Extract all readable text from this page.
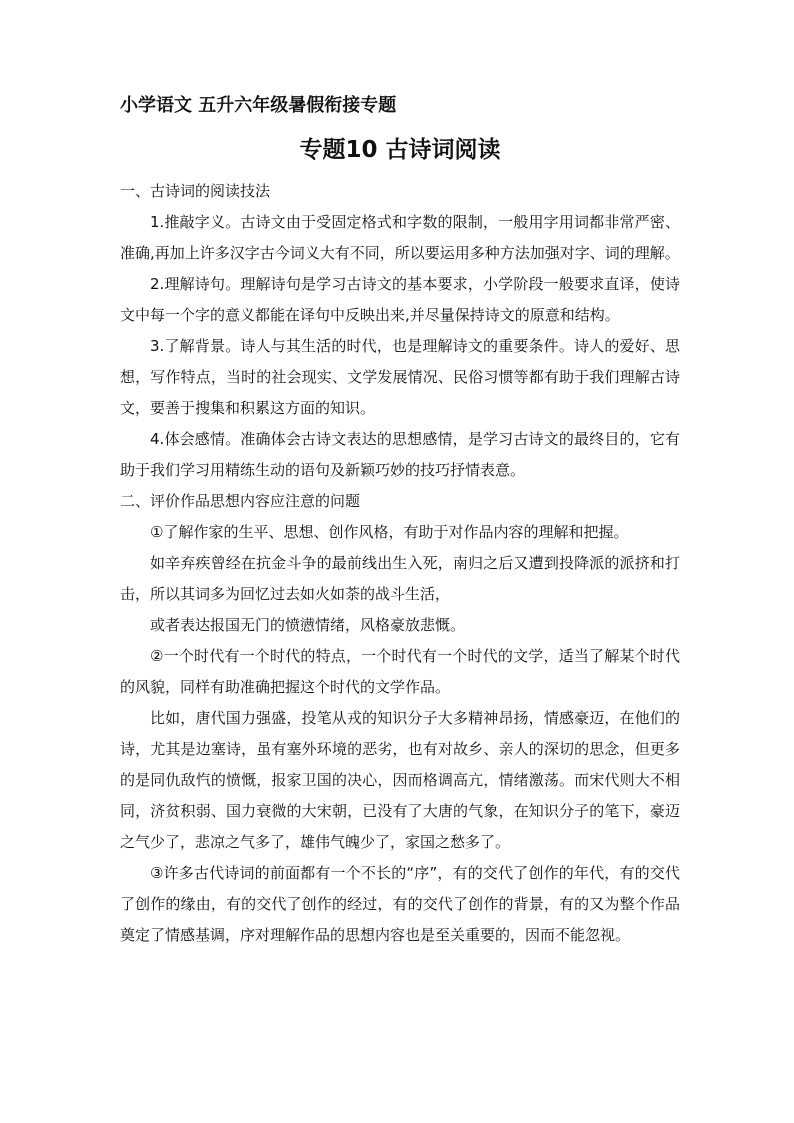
小学语文 五升六年级暑假衔接专题
专题10 古诗词阅读

一、古诗词的阅读技法

1.推敲字义。古诗文由于受固定格式和字数的限制，一般用字用词都非常严密、准确,再加上许多汉字古今词义大有不同，所以要运用多种方法加强对字、词的理解。

2.理解诗句。理解诗句是学习古诗文的基本要求，小学阶段一般要求直译，使诗文中每一个字的意义都能在译句中反映出来,并尽量保持诗文的原意和结构。

3.了解背景。诗人与其生活的时代，也是理解诗文的重要条件。诗人的爱好、思想，写作特点，当时的社会现实、文学发展情况、民俗习惯等都有助于我们理解古诗文，要善于搜集和积累这方面的知识。

4.体会感情。准确体会古诗文表达的思想感情，是学习古诗文的最终目的，它有助于我们学习用精练生动的语句及新颖巧妙的技巧抒情表意。

二、评价作品思想内容应注意的问题

①了解作家的生平、思想、创作风格，有助于对作品内容的理解和把握。

如辛弃疾曾经在抗金斗争的最前线出生入死，南归之后又遭到投降派的派挤和打击，所以其词多为回忆过去如火如荼的战斗生活，

或者表达报国无门的愤懑情绪，风格豪放悲慨。

②一个时代有一个时代的特点，一个时代有一个时代的文学，适当了解某个时代的风貌，同样有助准确把握这个时代的文学作品。

比如，唐代国力强盛，投笔从戎的知识分子大多精神昂扬，情感豪迈，在他们的诗，尤其是边塞诗，虽有塞外环境的恶劣，也有对故乡、亲人的深切的思念，但更多的是同仇敌忾的愤慨，报家卫国的决心，因而格调高亢，情绪激荡。而宋代则大不相同，济贫积弱、国力衰微的大宋朝，已没有了大唐的气象，在知识分子的笔下，豪迈之气少了，悲凉之气多了，雄伟气魄少了，家国之愁多了。

③许多古代诗词的前面都有一个不长的“序”，有的交代了创作的年代，有的交代了创作的缘由，有的交代了创作的经过，有的交代了创作的背景，有的又为整个作品奠定了情感基调，序对理解作品的思想内容也是至关重要的，因而不能忽视。
